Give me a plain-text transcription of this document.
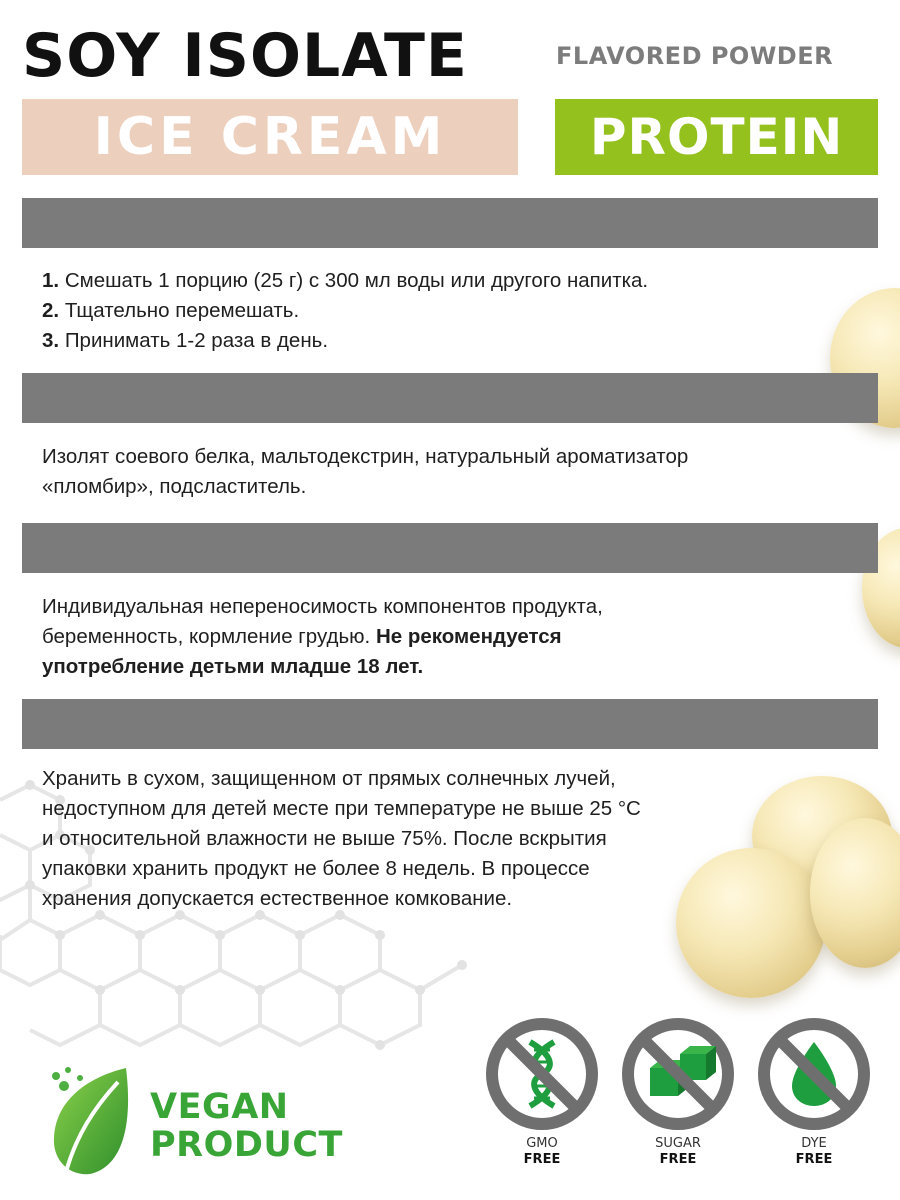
SOY ISOLATE	FLAVORED POWDER
ICE CREAM	PROTEIN
1. Смешать 1 порцию (25 г) с 300 мл воды или другого напитка.
2. Тщательно перемешать.
3. Принимать 1-2 раза в день.
Изолят соевого белка, мальтодекстрин, натуральный ароматизатор
«пломбир», подсластитель.
Индивидуальная непереносимость компонентов продукта,
беременность, кормление грудью. Не рекомендуется
употребление детьми младше 18 лет.
Хранить в сухом, защищенном от прямых солнечных лучей,
недоступном для детей месте при температуре не выше 25 °С
и относительной влажности не выше 75%. После вскрытия
упаковки хранить продукт не более 8 недель. В процессе
хранения допускается естественное комкование.
VEGAN
PRODUCT	GMO
FREE
SUGAR
FREE
DYE
FREE
